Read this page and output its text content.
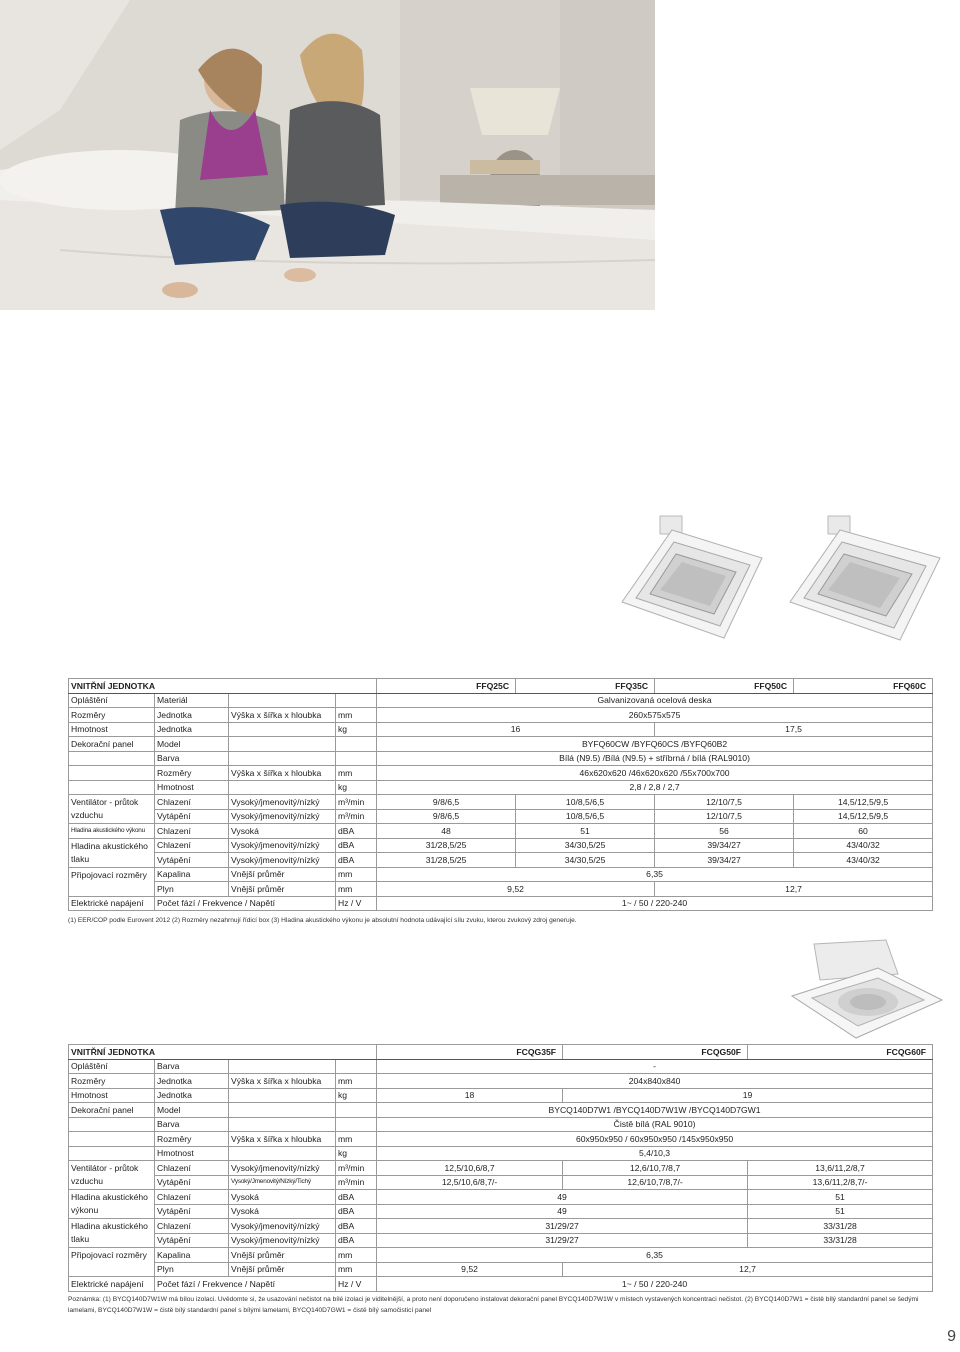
VNITŘNÍ JEDNOTKA				FFQ25C	FFQ35C	FFQ50C	FFQ60C
Opláštění	Materiál			Galvanizovaná ocelová deska			
Rozměry	Jednotka	Výška x šířka x hloubka	mm	260x575x575			
Hmotnost	Jednotka		kg	16		17,5	
Dekorační panel	Model			BYFQ60CW /BYFQ60CS /BYFQ60B2			
	Barva			Bílá (N9.5) /Bílá (N9.5) + stříbrná / bílá (RAL9010)			
	Rozměry	Výška x šířka x hloubka	mm	46x620x620 /46x620x620 /55x700x700			
	Hmotnost		kg	2,8 / 2,8 / 2,7			
Ventilátor - průtok vzduchu	Chlazení	Vysoký/jmenovitý/nízký	m³/min	9/8/6,5	10/8,5/6,5	12/10/7,5	14,5/12,5/9,5
	Vytápění	Vysoký/jmenovitý/nízký	m³/min	9/8/6,5	10/8,5/6,5	12/10/7,5	14,5/12,5/9,5
Hladina akustického výkonu	Chlazení	Vysoká	dBA	48	51	56	60
Hladina akustického tlaku	Chlazení	Vysoký/jmenovitý/nízký	dBA	31/28,5/25	34/30,5/25	39/34/27	43/40/32
	Vytápění	Vysoký/jmenovitý/nízký	dBA	31/28,5/25	34/30,5/25	39/34/27	43/40/32
Připojovací rozměry	Kapalina	Vnější průměr	mm	6,35			
	Plyn	Vnější průměr	mm	9,52		12,7	
Elektrické napájení	Počet fází / Frekvence / Napětí		Hz / V	1~ / 50 / 220-240			
(1) EER/COP podle Eurovent 2012 (2) Rozměry nezahrnují řídicí box (3) Hladina akustického výkonu je absolutní hodnota udávající sílu zvuku, kterou zvukový zdroj generuje.
VNITŘNÍ JEDNOTKA				FCQG35F	FCQG50F	FCQG60F
Opláštění	Barva			-		
Rozměry	Jednotka	Výška x šířka x hloubka	mm	204x840x840		
Hmotnost	Jednotka		kg	18	19	
Dekorační panel	Model			BYCQ140D7W1 /BYCQ140D7W1W /BYCQ140D7GW1		
	Barva			Čistě bílá (RAL 9010)		
	Rozměry	Výška x šířka x hloubka	mm	60x950x950 / 60x950x950 /145x950x950		
	Hmotnost		kg	5,4/10,3		
Ventilátor - průtok vzduchu	Chlazení	Vysoký/jmenovitý/nízký	m³/min	12,5/10,6/8,7	12,6/10,7/8,7	13,6/11,2/8,7
	Vytápění	Vysoký/Jmenovitý/Nízký/Tichý	m³/min	12,5/10,6/8,7/-	12,6/10,7/8,7/-	13,6/11,2/8,7/-
Hladina akustického výkonu	Chlazení	Vysoká	dBA	49		51
	Vytápění	Vysoká	dBA	49		51
Hladina akustického tlaku	Chlazení	Vysoký/jmenovitý/nízký	dBA	31/29/27		33/31/28
	Vytápění	Vysoký/jmenovitý/nízký	dBA	31/29/27		33/31/28
Připojovací rozměry	Kapalina	Vnější průměr	mm	6,35		
	Plyn	Vnější průměr	mm	9,52	12,7	
Elektrické napájení	Počet fází / Frekvence / Napětí		Hz / V	1~ / 50 / 220-240		
Poznámka: (1) BYCQ140D7W1W má bílou izolaci. Uvědomte si, že usazování nečistot na bílé izolaci je viditelnější, a proto není doporučeno instalovat dekorační panel BYCQ140D7W1W v místech vystavených koncentraci nečistot. (2) BYCQ140D7W1 = čistě bílý standardní panel se šedými lamelami, BYCQ140D7W1W = čistě bílý standardní panel s bílými lamelami, BYCQ140D7GW1 = čistě bílý samočisticí panel
9
